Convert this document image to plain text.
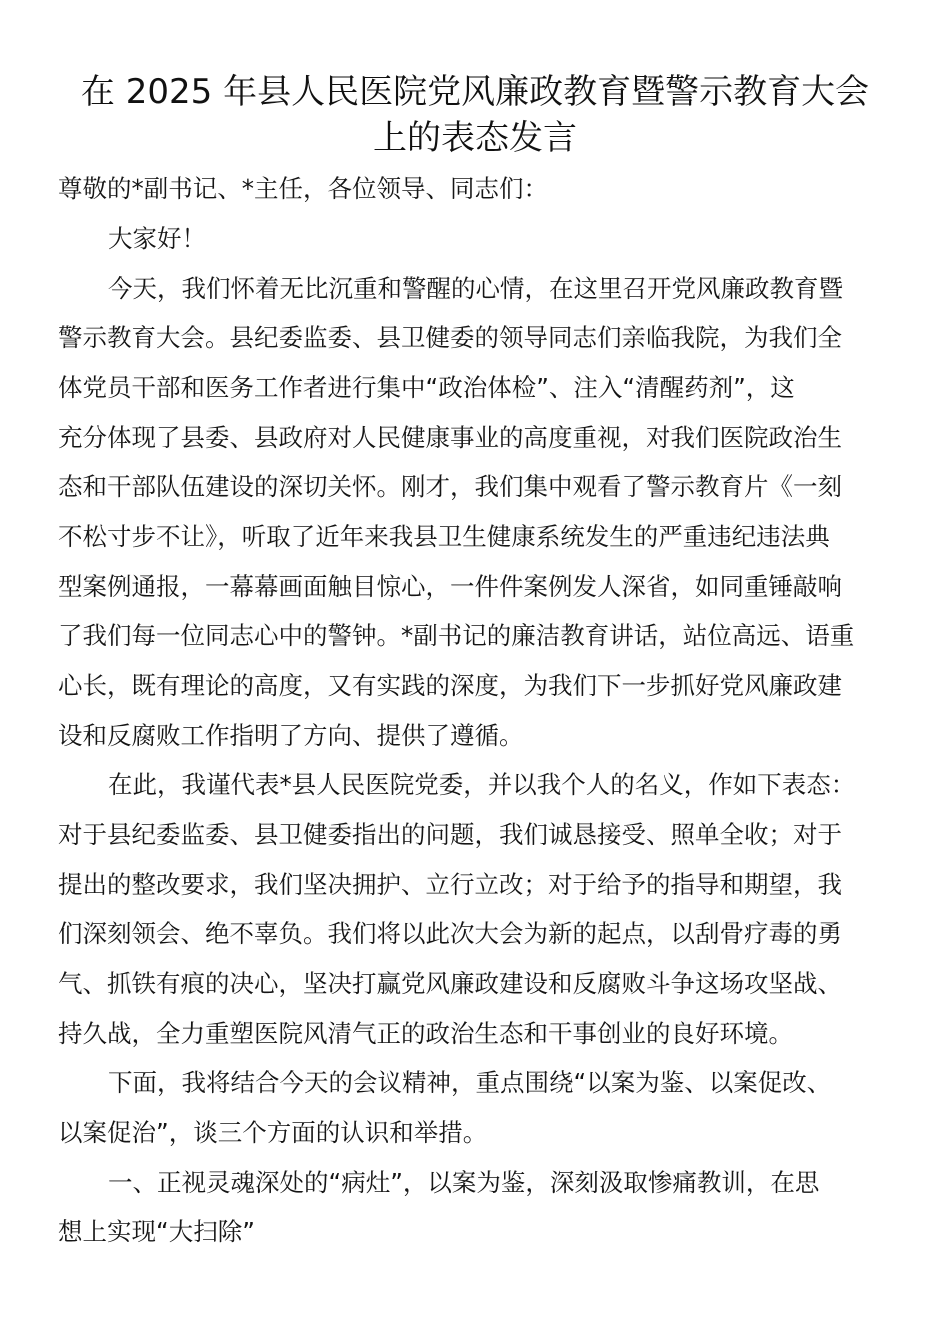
在 2025 年县人民医院党风廉政教育暨警示教育大会
上的表态发言
尊敬的*副书记、*主任，各位领导、同志们：
大家好！
今天，我们怀着无比沉重和警醒的心情，在这里召开党风廉政教育暨
警示教育大会。县纪委监委、县卫健委的领导同志们亲临我院，为我们全
体党员干部和医务工作者进行集中“政治体检”、注入“清醒药剂”，这
充分体现了县委、县政府对人民健康事业的高度重视，对我们医院政治生
态和干部队伍建设的深切关怀。刚才，我们集中观看了警示教育片《一刻
不松寸步不让》，听取了近年来我县卫生健康系统发生的严重违纪违法典
型案例通报，一幕幕画面触目惊心，一件件案例发人深省，如同重锤敲响
了我们每一位同志心中的警钟。*副书记的廉洁教育讲话，站位高远、语重
心长，既有理论的高度，又有实践的深度，为我们下一步抓好党风廉政建
设和反腐败工作指明了方向、提供了遵循。
在此，我谨代表*县人民医院党委，并以我个人的名义，作如下表态：
对于县纪委监委、县卫健委指出的问题，我们诚恳接受、照单全收；对于
提出的整改要求，我们坚决拥护、立行立改；对于给予的指导和期望，我
们深刻领会、绝不辜负。我们将以此次大会为新的起点，以刮骨疗毒的勇
气、抓铁有痕的决心，坚决打赢党风廉政建设和反腐败斗争这场攻坚战、
持久战，全力重塑医院风清气正的政治生态和干事创业的良好环境。
下面，我将结合今天的会议精神，重点围绕“以案为鉴、以案促改、
以案促治”，谈三个方面的认识和举措。
一、正视灵魂深处的“病灶”，以案为鉴，深刻汲取惨痛教训，在思
想上实现“大扫除”
